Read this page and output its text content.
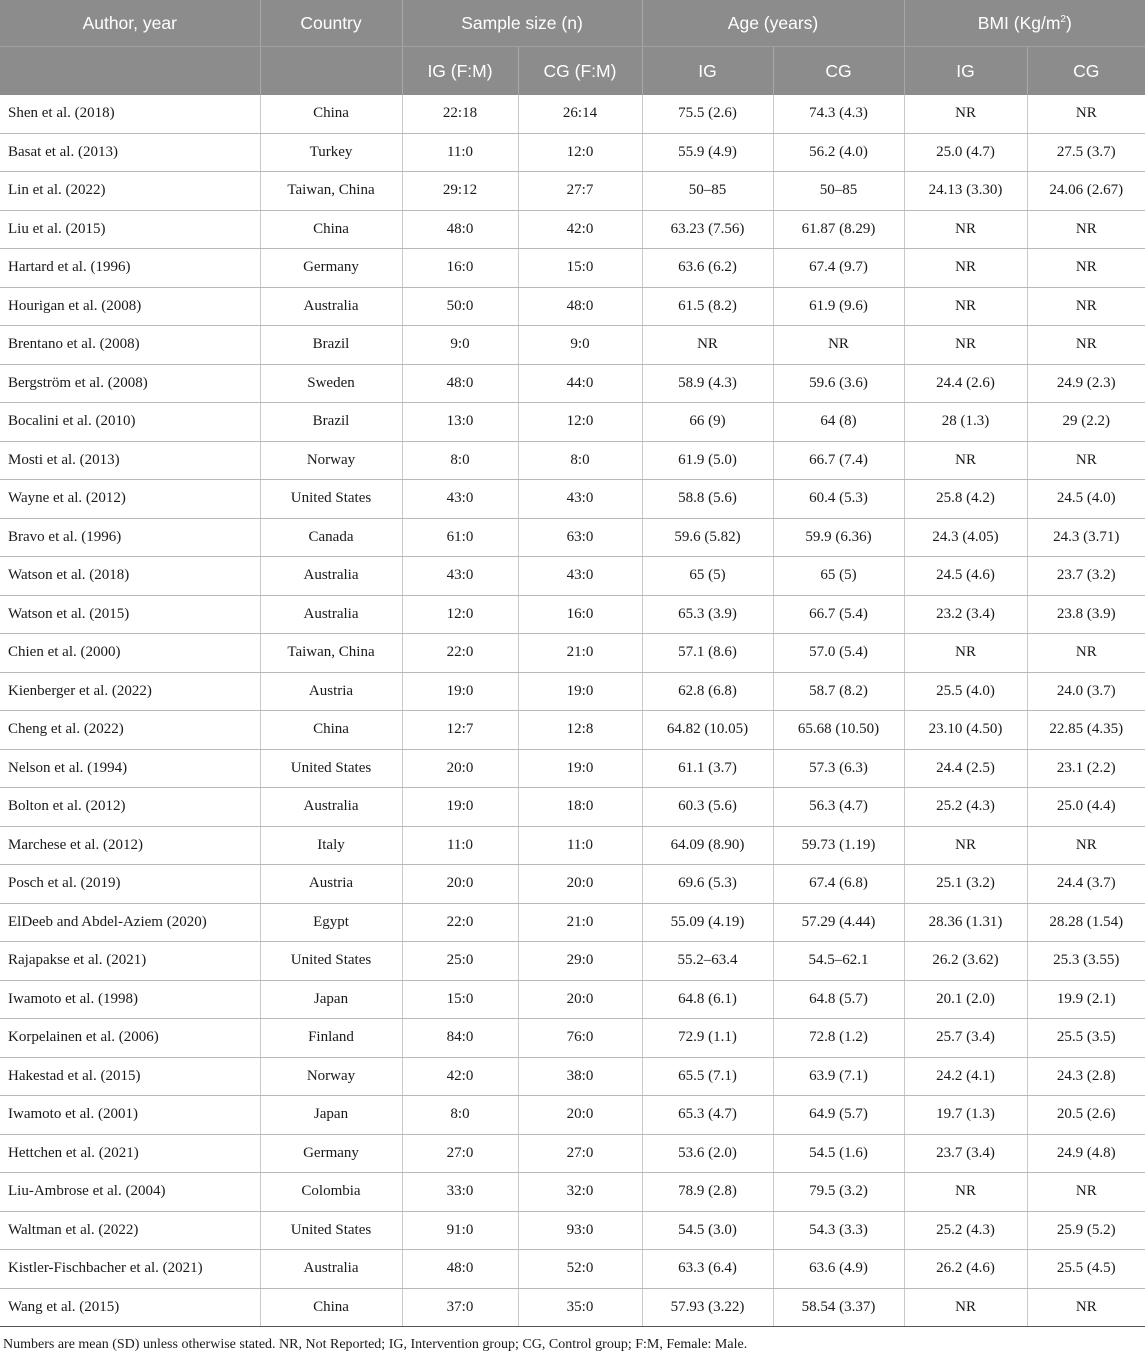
Author, year	Country	Sample size (n)		Age (years)		BMI $(Kg/m^2)$	
		IG (F:M)	CG (F:M)	IG	CG	IG	CG
Shen et al. (2018)	China	22:18	26:14	75.5 (2.6)	74.3 (4.3)	NR	NR
Basat et al. (2013)	Turkey	11:0	12:0	55.9 (4.9)	56.2 (4.0)	25.0 (4.7)	27.5 (3.7)
Lin et al. (2022)	Taiwan, China	29:12	27:7	50–85	50–85	24.13 (3.30)	24.06 (2.67)
Liu et al. (2015)	China	48:0	42:0	63.23 (7.56)	61.87 (8.29)	NR	NR
Hartard et al. (1996)	Germany	16:0	15:0	63.6 (6.2)	67.4 (9.7)	NR	NR
Hourigan et al. (2008)	Australia	50:0	48:0	61.5 (8.2)	61.9 (9.6)	NR	NR
Brentano et al. (2008)	Brazil	9:0	9:0	NR	NR	NR	NR
Bergström et al. (2008)	Sweden	48:0	44:0	58.9 (4.3)	59.6 (3.6)	24.4 (2.6)	24.9 (2.3)
Bocalini et al. (2010)	Brazil	13:0	12:0	66 (9)	64 (8)	28 (1.3)	29 (2.2)
Mosti et al. (2013)	Norway	8:0	8:0	61.9 (5.0)	66.7 (7.4)	NR	NR
Wayne et al. (2012)	United States	43:0	43:0	58.8 (5.6)	60.4 (5.3)	25.8 (4.2)	24.5 (4.0)
Bravo et al. (1996)	Canada	61:0	63:0	59.6 (5.82)	59.9 (6.36)	24.3 (4.05)	24.3 (3.71)
Watson et al. (2018)	Australia	43:0	43:0	65 (5)	65 (5)	24.5 (4.6)	23.7 (3.2)
Watson et al. (2015)	Australia	12:0	16:0	65.3 (3.9)	66.7 (5.4)	23.2 (3.4)	23.8 (3.9)
Chien et al. (2000)	Taiwan, China	22:0	21:0	57.1 (8.6)	57.0 (5.4)	NR	NR
Kienberger et al. (2022)	Austria	19:0	19:0	62.8 (6.8)	58.7 (8.2)	25.5 (4.0)	24.0 (3.7)
Cheng et al. (2022)	China	12:7	12:8	64.82 (10.05)	65.68 (10.50)	23.10 (4.50)	22.85 (4.35)
Nelson et al. (1994)	United States	20:0	19:0	61.1 (3.7)	57.3 (6.3)	24.4 (2.5)	23.1 (2.2)
Bolton et al. (2012)	Australia	19:0	18:0	60.3 (5.6)	56.3 (4.7)	25.2 (4.3)	25.0 (4.4)
Marchese et al. (2012)	Italy	11:0	11:0	64.09 (8.90)	59.73 (1.19)	NR	NR
Posch et al. (2019)	Austria	20:0	20:0	69.6 (5.3)	67.4 (6.8)	25.1 (3.2)	24.4 (3.7)
ElDeeb and Abdel-Aziem (2020)	Egypt	22:0	21:0	55.09 (4.19)	57.29 (4.44)	28.36 (1.31)	28.28 (1.54)
Rajapakse et al. (2021)	United States	25:0	29:0	55.2–63.4	54.5–62.1	26.2 (3.62)	25.3 (3.55)
Iwamoto et al. (1998)	Japan	15:0	20:0	64.8 (6.1)	64.8 (5.7)	20.1 (2.0)	19.9 (2.1)
Korpelainen et al. (2006)	Finland	84:0	76:0	72.9 (1.1)	72.8 (1.2)	25.7 (3.4)	25.5 (3.5)
Hakestad et al. (2015)	Norway	42:0	38:0	65.5 (7.1)	63.9 (7.1)	24.2 (4.1)	24.3 (2.8)
Iwamoto et al. (2001)	Japan	8:0	20:0	65.3 (4.7)	64.9 (5.7)	19.7 (1.3)	20.5 (2.6)
Hettchen et al. (2021)	Germany	27:0	27:0	53.6 (2.0)	54.5 (1.6)	23.7 (3.4)	24.9 (4.8)
Liu-Ambrose et al. (2004)	Colombia	33:0	32:0	78.9 (2.8)	79.5 (3.2)	NR	NR
Waltman et al. (2022)	United States	91:0	93:0	54.5 (3.0)	54.3 (3.3)	25.2 (4.3)	25.9 (5.2)
Kistler-Fischbacher et al. (2021)	Australia	48:0	52:0	63.3 (6.4)	63.6 (4.9)	26.2 (4.6)	25.5 (4.5)
Wang et al. (2015)	China	37:0	35:0	57.93 (3.22)	58.54 (3.37)	NR	NR

Numbers are mean (SD) unless otherwise stated. NR, Not Reported; IG, Intervention group; CG, Control group; F:M, Female: Male.
